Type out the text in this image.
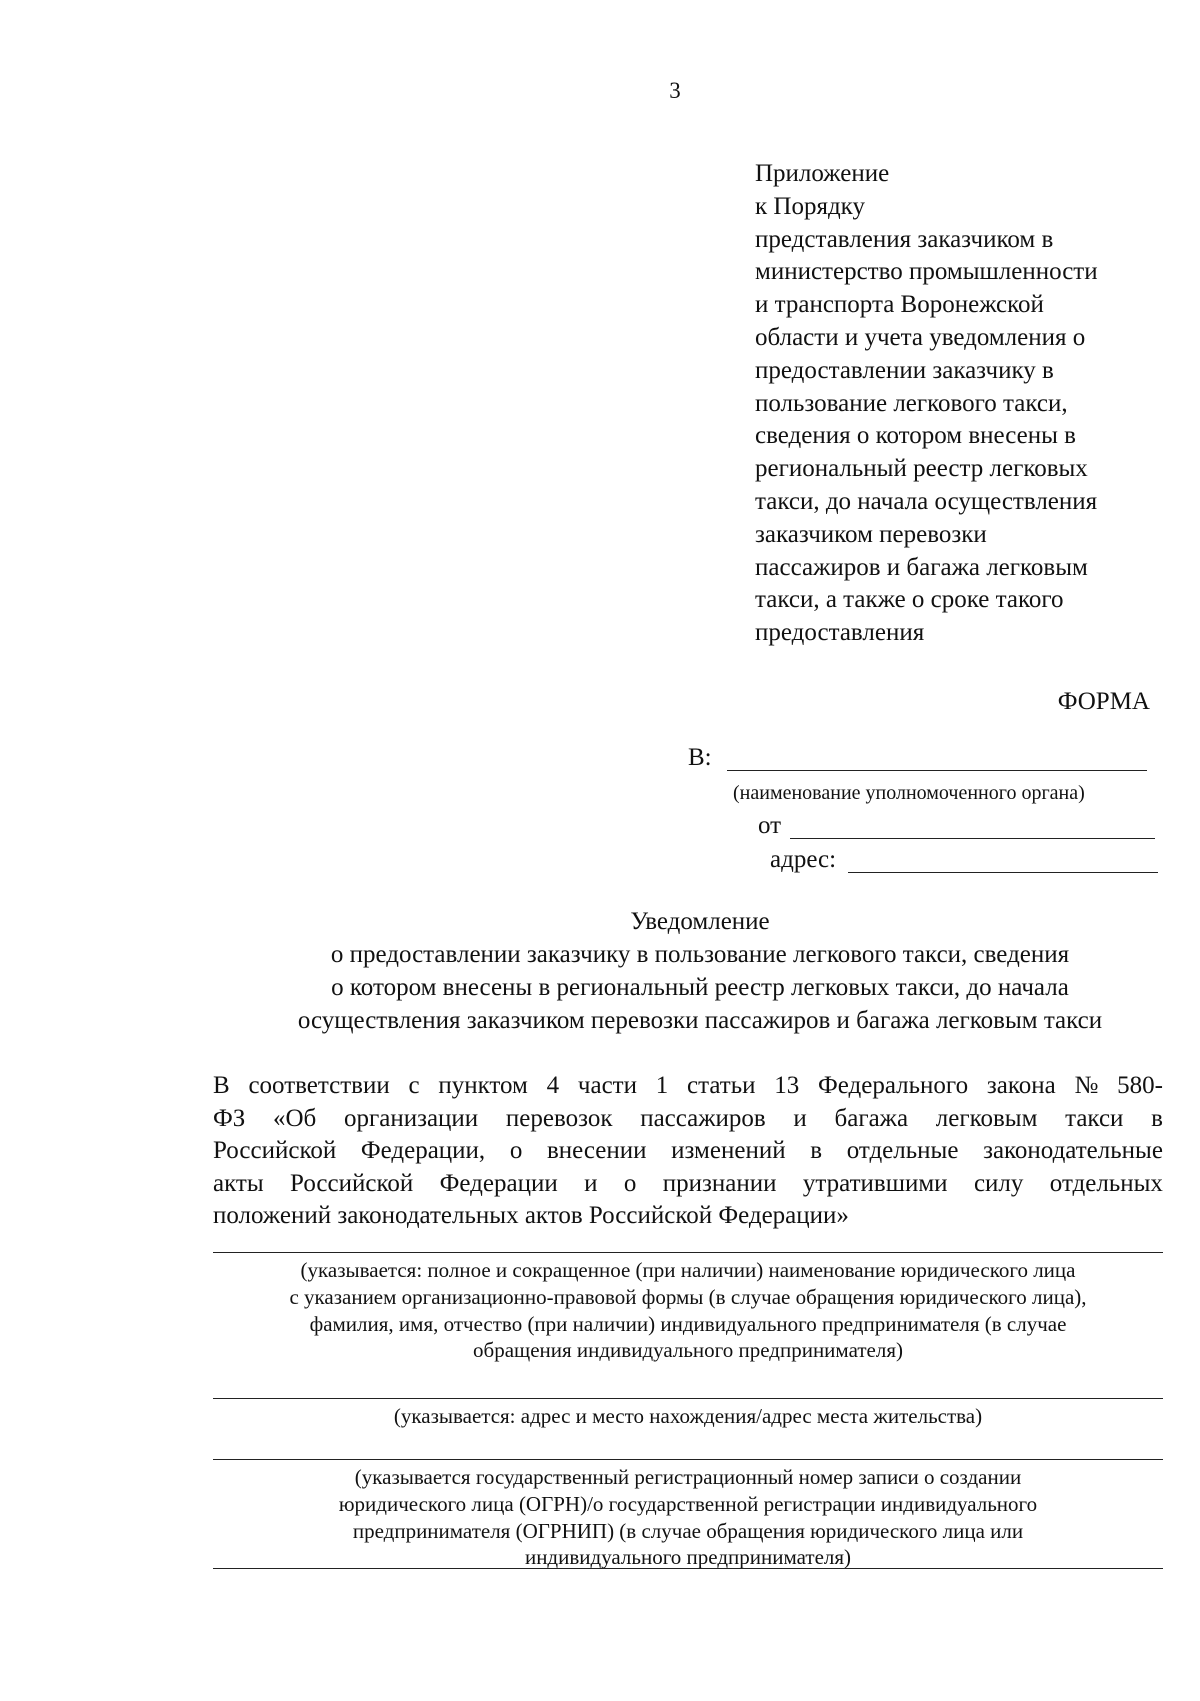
3
Приложение
к Порядку
представления заказчиком в
министерство промышленности
и транспорта Воронежской
области и учета уведомления о
предоставлении заказчику в
пользование легкового такси,
сведения о котором внесены в
региональный реестр легковых
такси, до начала осуществления
заказчиком перевозки
пассажиров и багажа легковым
такси, а также о сроке такого
предоставления
ФОРМА
В:
(наименование уполномоченного органа)
от
адрес:
Уведомление
о предоставлении заказчику в пользование легкового такси, сведения
о котором внесены в региональный реестр легковых такси, до начала
осуществления заказчиком перевозки пассажиров и багажа легковым такси
В соответствии с пунктом 4 части 1 статьи 13 Федерального закона № 580-
ФЗ «Об организации перевозок пассажиров и багажа легковым такси в
Российской Федерации, о внесении изменений в отдельные законодательные
акты Российской Федерации и о признании утратившими силу отдельных
положений законодательных актов Российской Федерации»
(указывается: полное и сокращенное (при наличии) наименование юридического лица
с указанием организационно-правовой формы (в случае обращения юридического лица),
фамилия, имя, отчество (при наличии) индивидуального предпринимателя (в случае
обращения индивидуального предпринимателя)
(указывается: адрес и место нахождения/адрес места жительства)
(указывается государственный регистрационный номер записи о создании
юридического лица (ОГРН)/о государственной регистрации индивидуального
предпринимателя (ОГРНИП) (в случае обращения юридического лица или
индивидуального предпринимателя)
